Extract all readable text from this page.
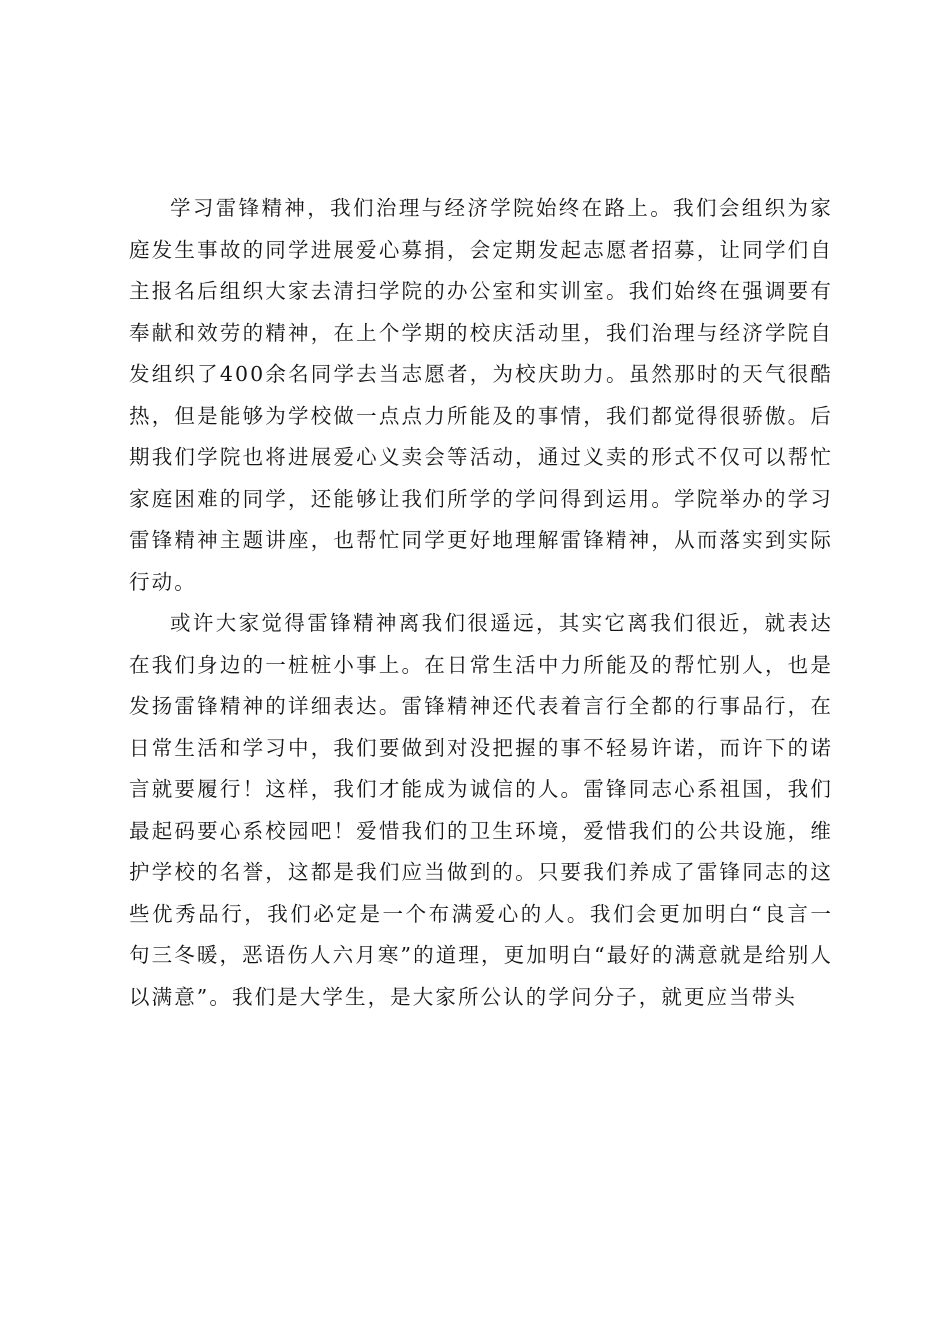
学习雷锋精神，我们治理与经济学院始终在路上。我们会组织为家庭发生事故的同学进展爱心募捐，会定期发起志愿者招募，让同学们自主报名后组织大家去清扫学院的办公室和实训室。我们始终在强调要有奉献和效劳的精神，在上个学期的校庆活动里，我们治理与经济学院自发组织了400余名同学去当志愿者，为校庆助力。虽然那时的天气很酷热，但是能够为学校做一点点力所能及的事情，我们都觉得很骄傲。后期我们学院也将进展爱心义卖会等活动，通过义卖的形式不仅可以帮忙家庭困难的同学，还能够让我们所学的学问得到运用。学院举办的学习雷锋精神主题讲座，也帮忙同学更好地理解雷锋精神，从而落实到实际行动。

或许大家觉得雷锋精神离我们很遥远，其实它离我们很近，就表达在我们身边的一桩桩小事上。在日常生活中力所能及的帮忙别人，也是发扬雷锋精神的详细表达。雷锋精神还代表着言行全都的行事品行，在日常生活和学习中，我们要做到对没把握的事不轻易许诺，而许下的诺言就要履行！这样，我们才能成为诚信的人。雷锋同志心系祖国，我们最起码要心系校园吧！爱惜我们的卫生环境，爱惜我们的公共设施，维护学校的名誉，这都是我们应当做到的。只要我们养成了雷锋同志的这些优秀品行，我们必定是一个布满爱心的人。我们会更加明白“良言一句三冬暖，恶语伤人六月寒”的道理，更加明白“最好的满意就是给别人以满意”。我们是大学生，是大家所公认的学问分子，就更应当带头
